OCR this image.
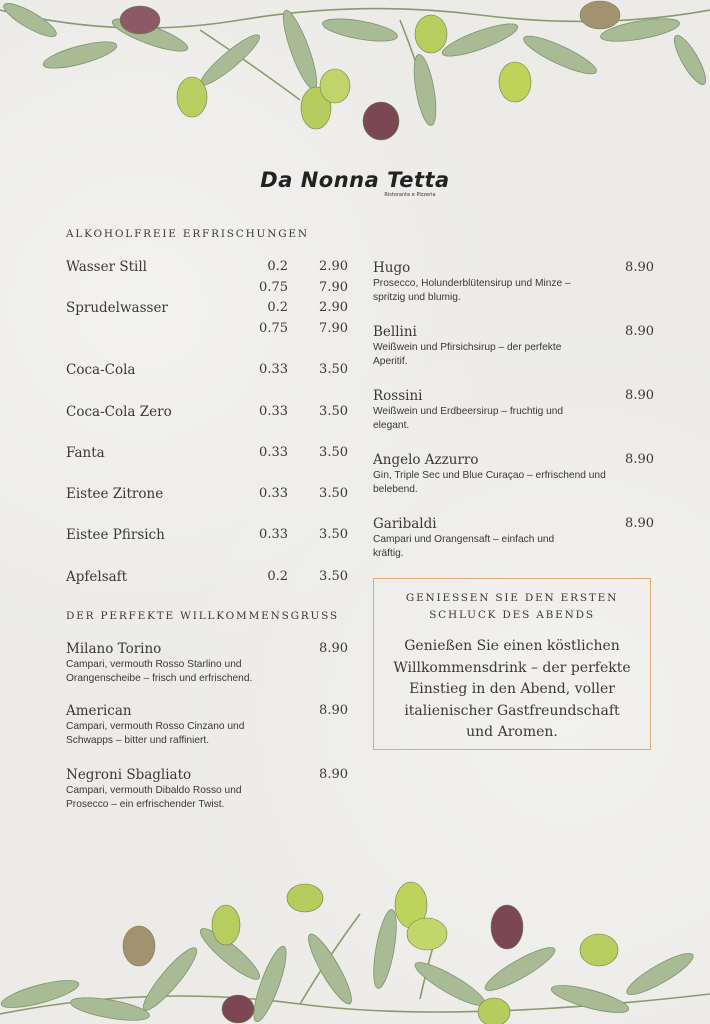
Da Nonna Tetta
Ristorante e Pizzeria
ALKOHOLFREIE ERFRISCHUNGEN
Wasser Still	0.2 2.90
0.75 7.90
Sprudelwasser	0.2 2.90
0.75 7.90
Coca-Cola	0.33 3.50
Coca-Cola Zero	0.33 3.50
Fanta	0.33 3.50
Eistee Zitrone	0.33 3.50
Eistee Pfirsich	0.33 3.50
Apfelsaft	0.2 3.50
DER PERFEKTE WILLKOMMENSGRUSS
Milano Torino	8.90
Campari, vermouth Rosso Starlino und Orangenscheibe – frisch und erfrischend.
American	8.90
Campari, vermouth Rosso Cinzano und Schwapps – bitter und raffiniert.
Negroni Sbagliato	8.90
Campari, vermouth Dibaldo Rosso und Prosecco – ein erfrischender Twist.
Hugo	8.90
Prosecco, Holunderblütensirup und Minze – spritzig und blumig.
Bellini	8.90
Weißwein und Pfirsichsirup – der perfekte Aperitif.
Rossini	8.90
Weißwein und Erdbeersirup – fruchtig und elegant.
Angelo Azzurro	8.90
Gin, Triple Sec und Blue Curaçao – erfrischend und belebend.
Garibaldi	8.90
Campari und Orangensaft – einfach und kräftig.
GENIESSEN SIE DEN ERSTEN SCHLUCK DES ABENDS
Genießen Sie einen köstlichen Willkommensdrink – der perfekte Einstieg in den Abend, voller italienischer Gastfreundschaft und Aromen.
